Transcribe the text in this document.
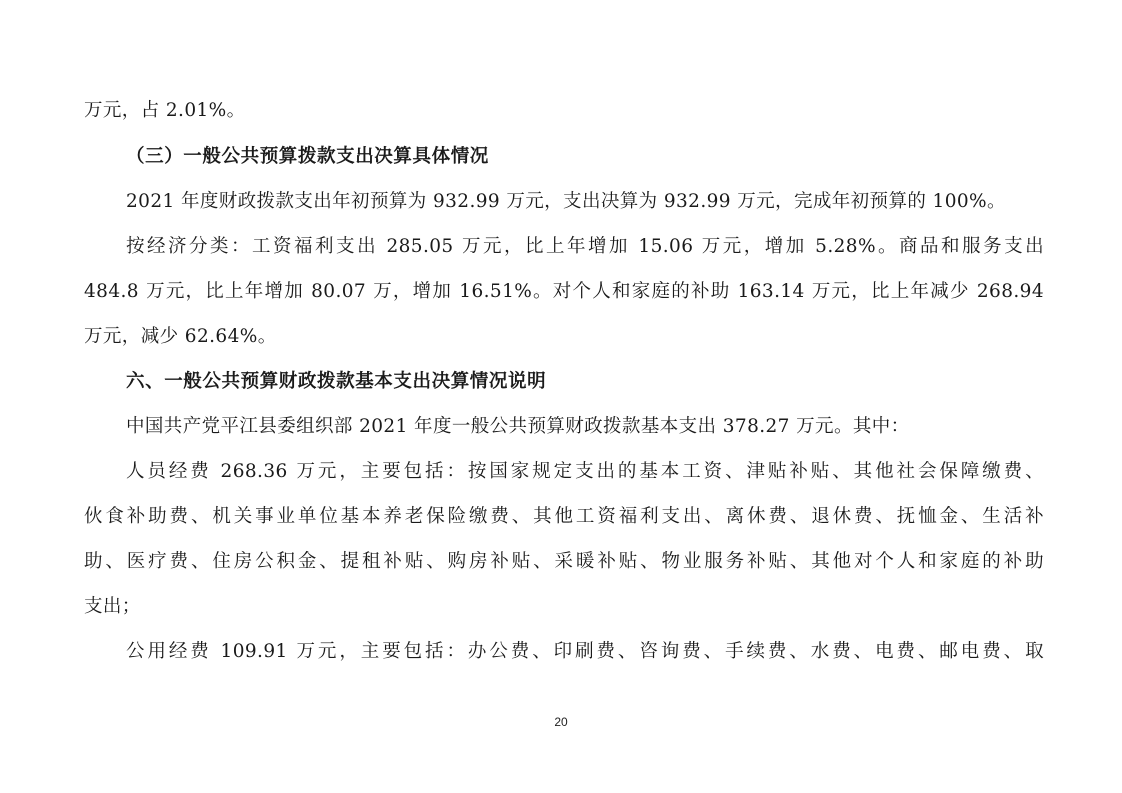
万元，占 2.01%。
（三）一般公共预算拨款支出决算具体情况
2021 年度财政拨款支出年初预算为 932.99 万元，支出决算为 932.99 万元，完成年初预算的 100%。
按经济分类：工资福利支出 285.05 万元，比上年增加 15.06 万元，增加 5.28%。商品和服务支出
484.8 万元，比上年增加 80.07 万，增加 16.51%。对个人和家庭的补助 163.14 万元，比上年减少 268.94
万元，减少 62.64%。
六、一般公共预算财政拨款基本支出决算情况说明
中国共产党平江县委组织部 2021 年度一般公共预算财政拨款基本支出 378.27 万元。其中：
人员经费 268.36 万元，主要包括：按国家规定支出的基本工资、津贴补贴、其他社会保障缴费、
伙食补助费、机关事业单位基本养老保险缴费、其他工资福利支出、离休费、退休费、抚恤金、生活补
助、医疗费、住房公积金、提租补贴、购房补贴、采暖补贴、物业服务补贴、其他对个人和家庭的补助
支出；
公用经费 109.91 万元，主要包括：办公费、印刷费、咨询费、手续费、水费、电费、邮电费、取
20
